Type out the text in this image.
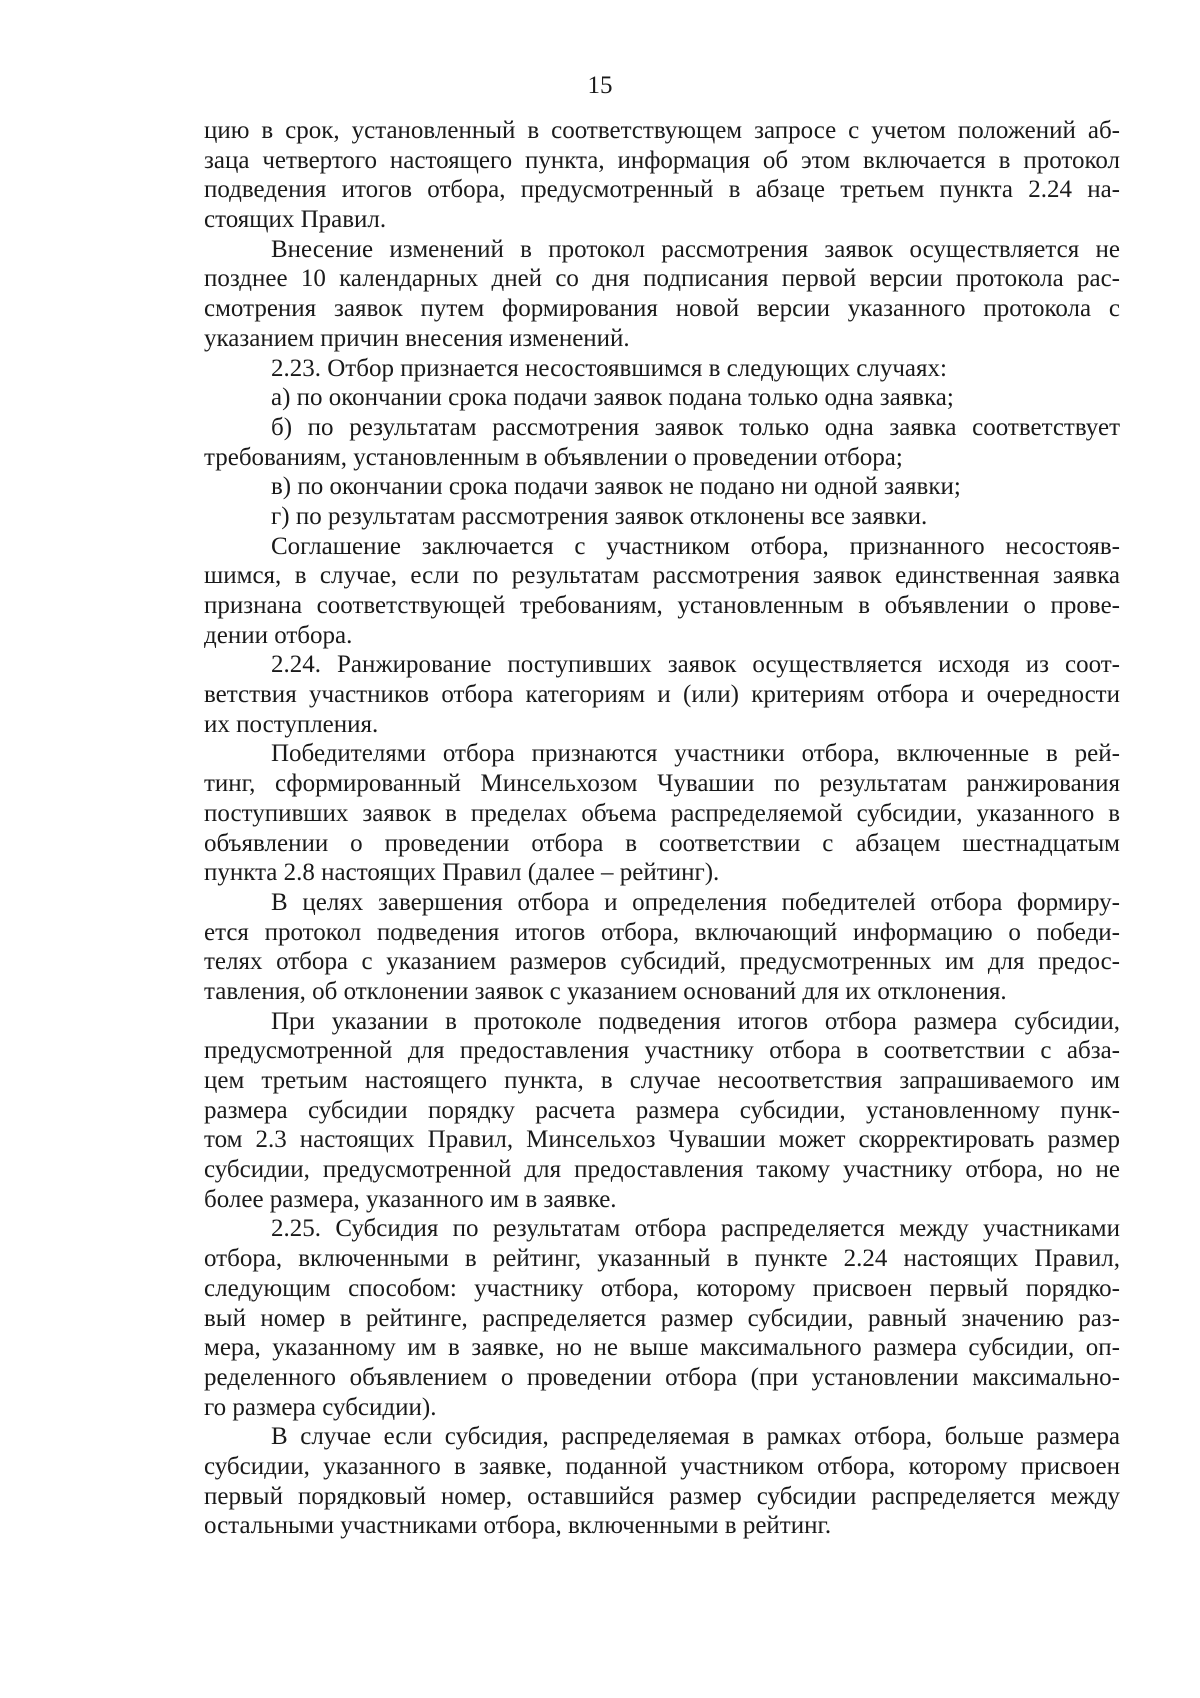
15
цию в срок, установленный в соответствующем запросе с учетом положений аб-
заца четвертого настоящего пункта, информация об этом включается в протокол
подведения итогов отбора, предусмотренный в абзаце третьем пункта 2.24 на-
стоящих Правил.
Внесение изменений в протокол рассмотрения заявок осуществляется не
позднее 10 календарных дней со дня подписания первой версии протокола рас-
смотрения заявок путем формирования новой версии указанного протокола с
указанием причин внесения изменений.
2.23. Отбор признается несостоявшимся в следующих случаях:
а) по окончании срока подачи заявок подана только одна заявка;
б) по результатам рассмотрения заявок только одна заявка соответствует
требованиям, установленным в объявлении о проведении отбора;
в) по окончании срока подачи заявок не подано ни одной заявки;
г) по результатам рассмотрения заявок отклонены все заявки.
Соглашение заключается с участником отбора, признанного несостояв-
шимся, в случае, если по результатам рассмотрения заявок единственная заявка
признана соответствующей требованиям, установленным в объявлении о прове-
дении отбора.
2.24. Ранжирование поступивших заявок осуществляется исходя из соот-
ветствия участников отбора категориям и (или) критериям отбора и очередности
их поступления.
Победителями отбора признаются участники отбора, включенные в рей-
тинг, сформированный Минсельхозом Чувашии по результатам ранжирования
поступивших заявок в пределах объема распределяемой субсидии, указанного в
объявлении о проведении отбора в соответствии с абзацем шестнадцатым
пункта 2.8 настоящих Правил (далее – рейтинг).
В целях завершения отбора и определения победителей отбора формиру-
ется протокол подведения итогов отбора, включающий информацию о победи-
телях отбора с указанием размеров субсидий, предусмотренных им для предос-
тавления, об отклонении заявок с указанием оснований для их отклонения.
При указании в протоколе подведения итогов отбора размера субсидии,
предусмотренной для предоставления участнику отбора в соответствии с абза-
цем третьим настоящего пункта, в случае несоответствия запрашиваемого им
размера субсидии порядку расчета размера субсидии, установленному пунк-
том 2.3 настоящих Правил, Минсельхоз Чувашии может скорректировать размер
субсидии, предусмотренной для предоставления такому участнику отбора, но не
более размера, указанного им в заявке.
2.25. Субсидия по результатам отбора распределяется между участниками
отбора, включенными в рейтинг, указанный в пункте 2.24 настоящих Правил,
следующим способом: участнику отбора, которому присвоен первый порядко-
вый номер в рейтинге, распределяется размер субсидии, равный значению раз-
мера, указанному им в заявке, но не выше максимального размера субсидии, оп-
ределенного объявлением о проведении отбора (при установлении максимально-
го размера субсидии).
В случае если субсидия, распределяемая в рамках отбора, больше размера
субсидии, указанного в заявке, поданной участником отбора, которому присвоен
первый порядковый номер, оставшийся размер субсидии распределяется между
остальными участниками отбора, включенными в рейтинг.
